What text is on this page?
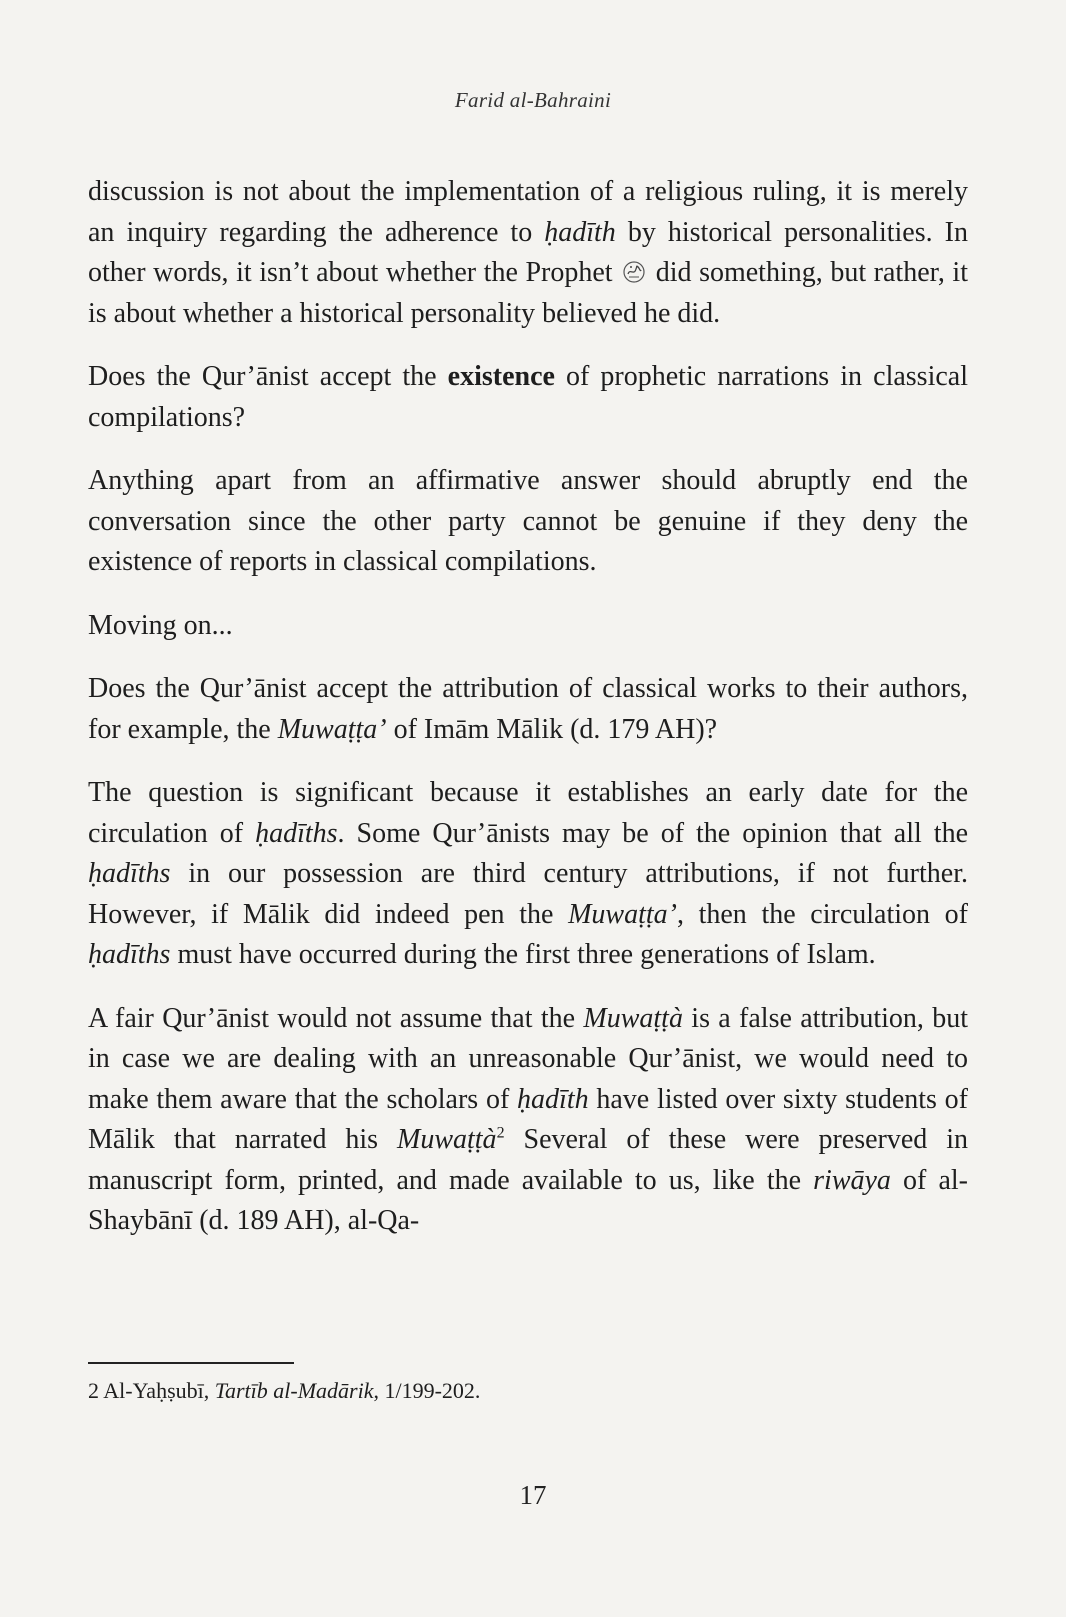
Farid al-Bahraini

discussion is not about the implementation of a religious ruling, it is merely an inquiry regarding the adherence to ḥadīth by historical personalities. In other words, it isn’t about whether the Prophet  did something, but rather, it is about whether a historical personality believed he did.

Does the Qur’ānist accept the existence of prophetic narrations in classical compilations?

Anything apart from an affirmative answer should abruptly end the conversation since the other party cannot be genuine if they deny the existence of reports in classical compilations.

Moving on...

Does the Qur’ānist accept the attribution of classical works to their authors, for example, the Muwaṭṭa’ of Imām Mālik (d. 179 AH)?

The question is significant because it establishes an early date for the circulation of ḥadīths. Some Qur’ānists may be of the opinion that all the ḥadīths in our possession are third century attributions, if not further. However, if Mālik did indeed pen the Muwaṭṭa’, then the circulation of ḥadīths must have occurred during the first three generations of Islam.

A fair Qur’ānist would not assume that the Muwaṭṭà is a false attribution, but in case we are dealing with an unreasonable Qur’ānist, we would need to make them aware that the scholars of ḥadīth have listed over sixty students of Mālik that narrated his Muwaṭṭà$^2$ Several of these were preserved in manuscript form, printed, and made available to us, like the riwāya of al-Shaybānī (d. 189 AH), al-Qa-

2 Al-Yaḥṣubī, Tartīb al-Madārik, 1/199-202.
17
